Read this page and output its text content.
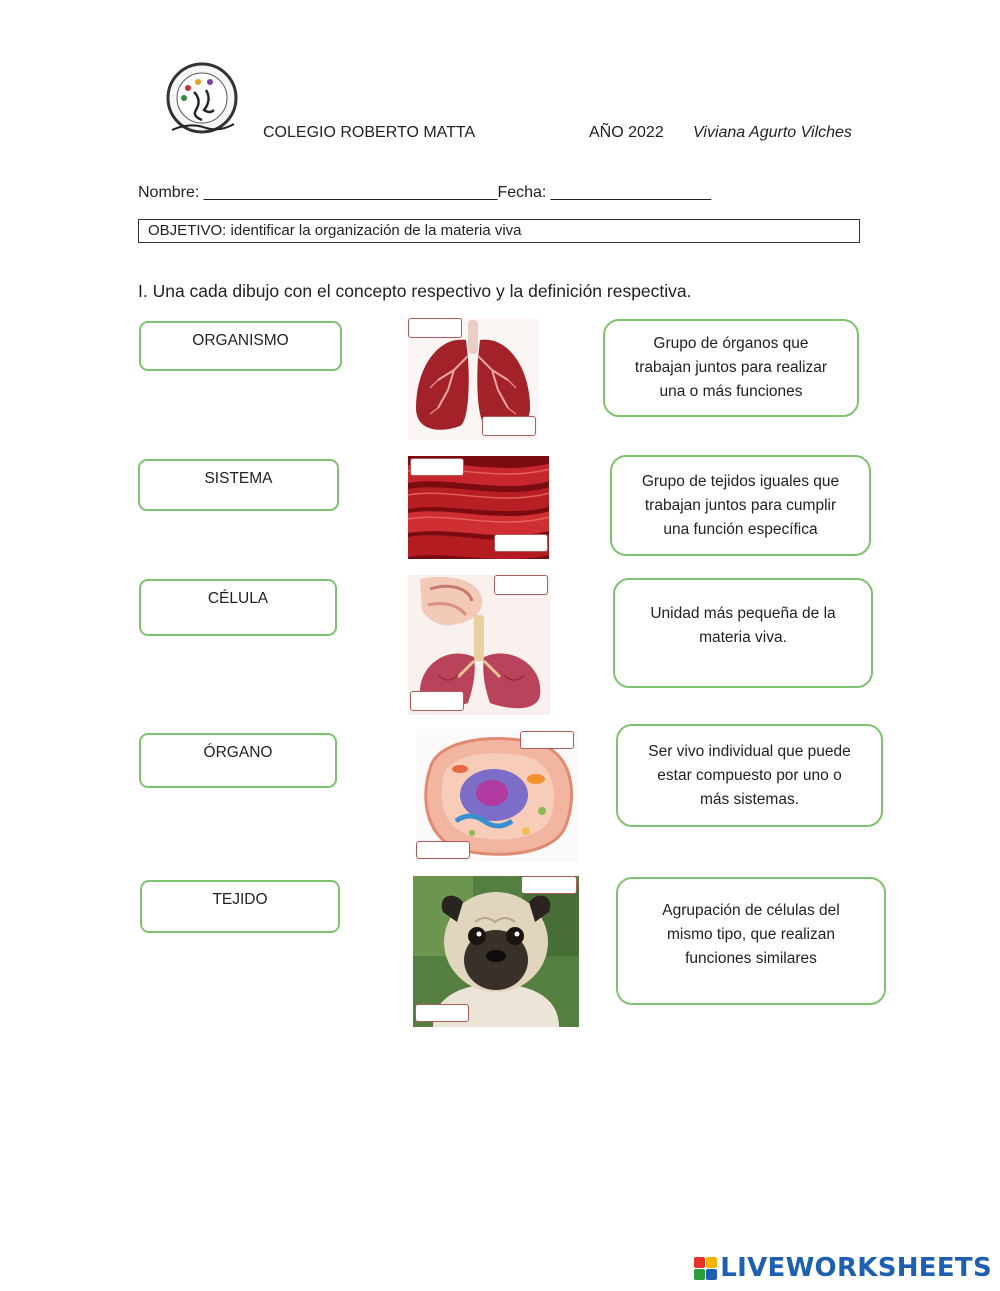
COLEGIO ROBERTO MATTA	AÑO 2022 Viviana Agurto Vilches
Nombre: _________________________________Fecha: __________________
OBJETIVO: identificar la organización de la materia viva
I. Una cada dibujo con el concepto respectivo y la definición respectiva.
ORGANISMO
SISTEMA
CÉLULA
ÓRGANO
TEJIDO
Grupo de órganos que
trabajan juntos para realizar
una o más funciones
Grupo de tejidos iguales que
trabajan juntos para cumplir
una función específica
Unidad más pequeña de la
materia viva.
Ser vivo individual que puede
estar compuesto por uno o
más sistemas.
Agrupación de células del
mismo tipo, que realizan
funciones similares
LIVEWORKSHEETS
